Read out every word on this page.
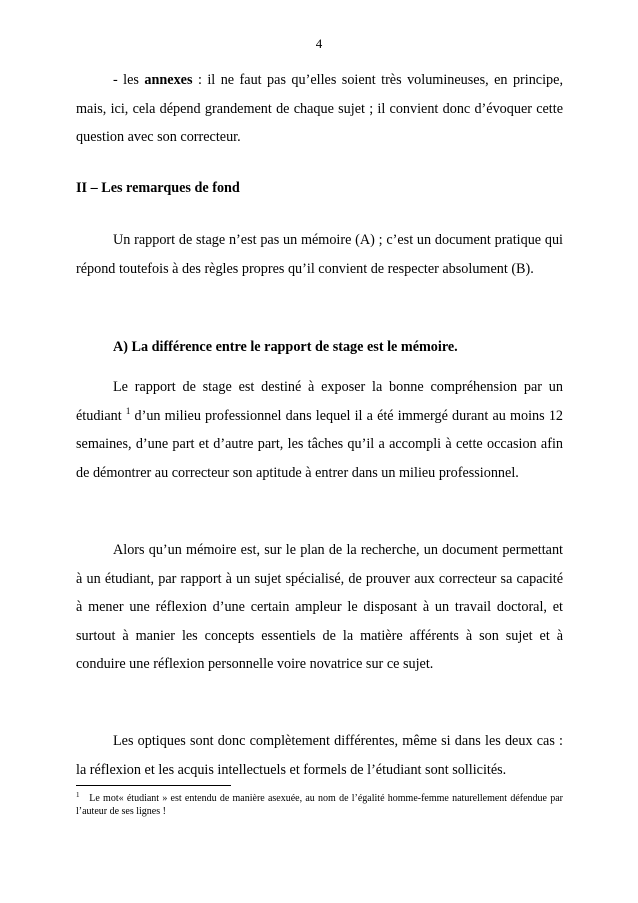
4

- les annexes : il ne faut pas qu’elles soient très volumineuses, en principe, mais, ici, cela dépend grandement de chaque sujet ; il convient donc d’évoquer cette question avec son correcteur.

II – Les remarques de fond

Un rapport de stage n’est pas un mémoire (A) ; c’est un document pratique qui répond toutefois à des règles propres qu’il convient de respecter absolument (B).

A) La différence entre le rapport de stage est le mémoire.

Le rapport de stage est destiné à exposer la bonne compréhension par un étudiant $^1$ d’un milieu professionnel dans lequel il a été immergé durant au moins 12 semaines, d’une part et d’autre part, les tâches qu’il a accompli à cette occasion afin de démontrer au correcteur son aptitude à entrer dans un milieu professionnel.

Alors qu’un mémoire est, sur le plan de la recherche, un document permettant à un étudiant, par rapport à un sujet spécialisé, de prouver aux correcteur sa capacité à mener une réflexion d’une certain ampleur le disposant à un travail doctoral, et surtout à manier les concepts essentiels de la matière afférents à son sujet et à conduire une réflexion personnelle voire novatrice sur ce sujet.

Les optiques sont donc complètement différentes, même si dans les deux cas : la réflexion et les acquis intellectuels et formels de l’étudiant sont sollicités.

$^1$ Le mot« étudiant » est entendu de manière asexuée, au nom de l’égalité homme-femme naturellement défendue par l’auteur de ses lignes !
